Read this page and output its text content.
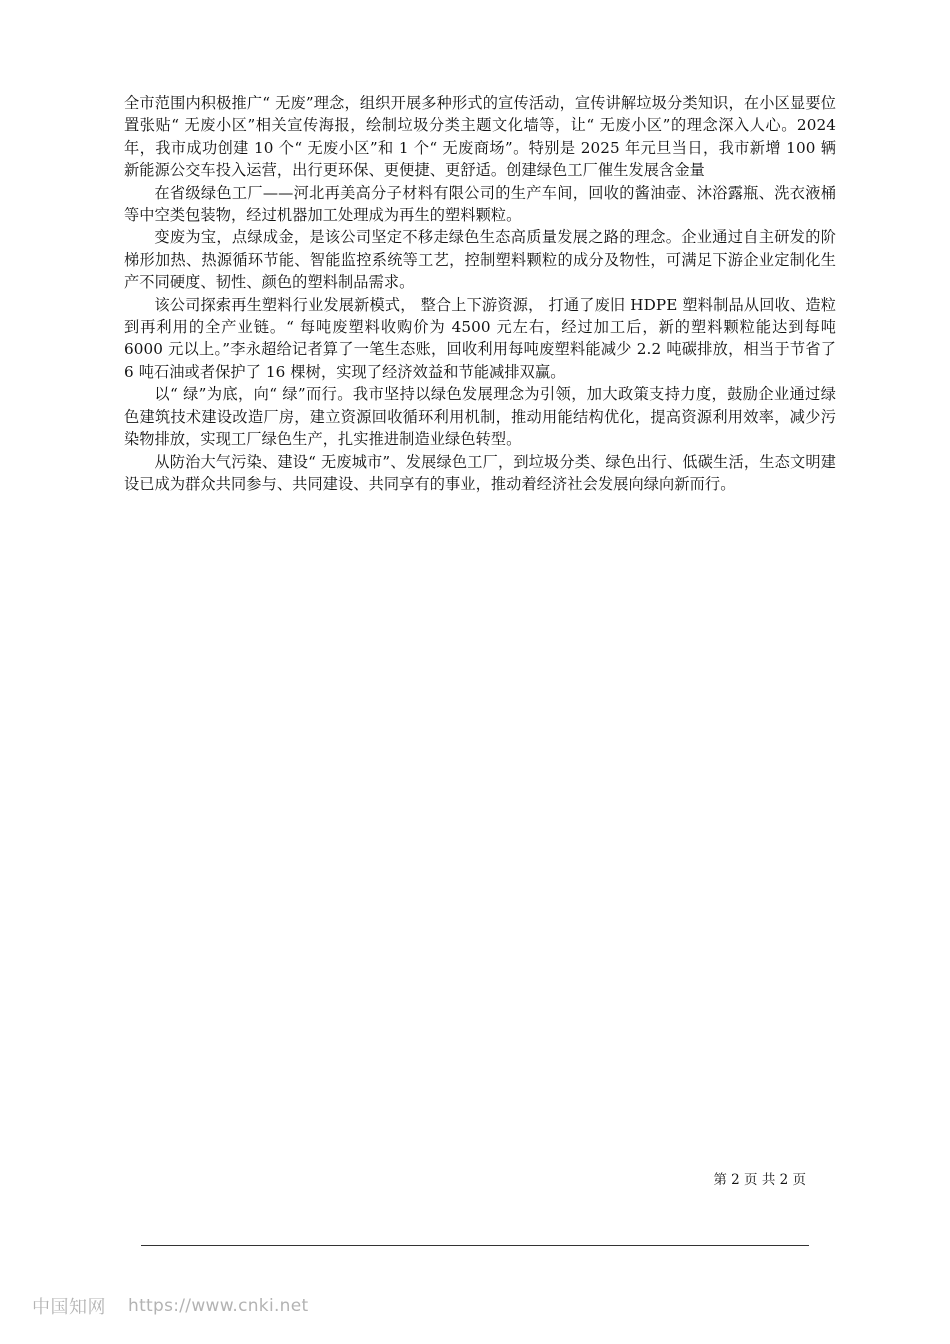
全市范围内积极推广“ 无废”理念，组织开展多种形式的宣传活动，宣传讲解垃圾分类知识，在小区显要位置张贴“ 无废小区”相关宣传海报，绘制垃圾分类主题文化墙等，让“ 无废小区”的理念深入人心。2024 年，我市成功创建 10 个“ 无废小区”和 1 个“ 无废商场”。特别是 2025 年元旦当日，我市新增 100 辆新能源公交车投入运营，出行更环保、更便捷、更舒适。创建绿色工厂催生发展含金量

在省级绿色工厂——河北再美高分子材料有限公司的生产车间，回收的酱油壶、沐浴露瓶、洗衣液桶等中空类包装物，经过机器加工处理成为再生的塑料颗粒。

变废为宝，点绿成金，是该公司坚定不移走绿色生态高质量发展之路的理念。企业通过自主研发的阶梯形加热、热源循环节能、智能监控系统等工艺，控制塑料颗粒的成分及物性，可满足下游企业定制化生产不同硬度、韧性、颜色的塑料制品需求。

该公司探索再生塑料行业发展新模式， 整合上下游资源， 打通了废旧 HDPE 塑料制品从回收、造粒到再利用的全产业链。“ 每吨废塑料收购价为 4500 元左右，经过加工后，新的塑料颗粒能达到每吨 6000 元以上。”李永超给记者算了一笔生态账，回收利用每吨废塑料能减少 2.2 吨碳排放，相当于节省了 6 吨石油或者保护了 16 棵树，实现了经济效益和节能减排双赢。

以“ 绿”为底，向“ 绿”而行。我市坚持以绿色发展理念为引领，加大政策支持力度，鼓励企业通过绿色建筑技术建设改造厂房，建立资源回收循环利用机制，推动用能结构优化，提高资源利用效率，减少污染物排放，实现工厂绿色生产，扎实推进制造业绿色转型。

从防治大气污染、建设“ 无废城市”、发展绿色工厂，到垃圾分类、绿色出行、低碳生活，生态文明建设已成为群众共同参与、共同建设、共同享有的事业，推动着经济社会发展向绿向新而行。

第 2 页 共 2 页
中国知网 https://www.cnki.net
